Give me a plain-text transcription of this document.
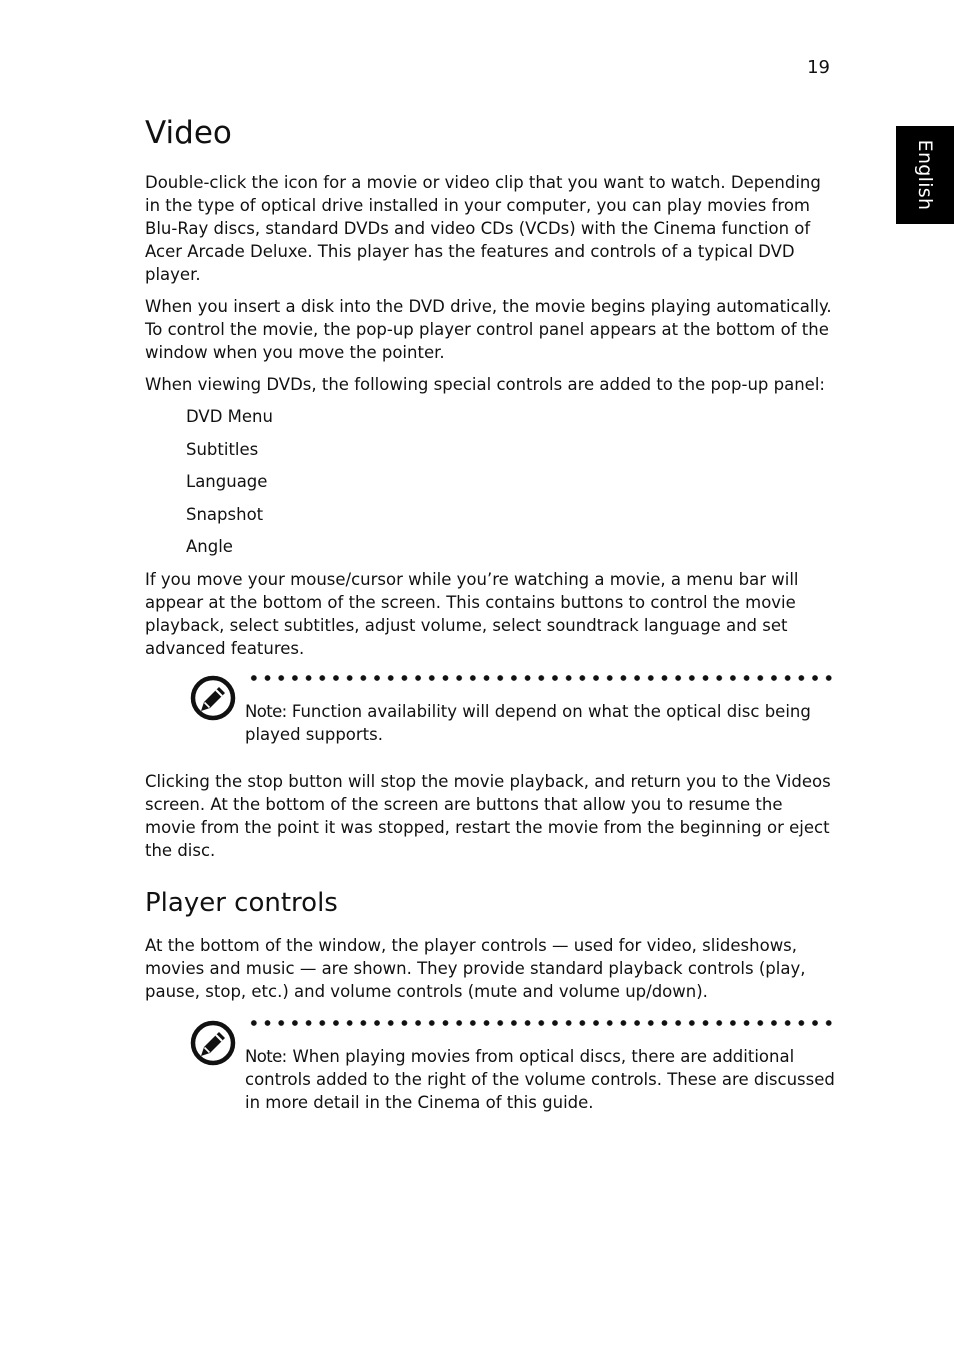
19
English
Video

Double-click the icon for a movie or video clip that you want to watch. Depending in the type of optical drive installed in your computer, you can play movies from Blu-Ray discs, standard DVDs and video CDs (VCDs) with the Cinema function of Acer Arcade Deluxe. This player has the features and controls of a typical DVD player.

When you insert a disk into the DVD drive, the movie begins playing automatically. To control the movie, the pop-up player control panel appears at the bottom of the window when you move the pointer.

When viewing DVDs, the following special controls are added to the pop-up panel:

DVD Menu
Subtitles
Language
Snapshot
Angle

If you move your mouse/cursor while you’re watching a movie, a menu bar will appear at the bottom of the screen. This contains buttons to control the movie playback, select subtitles, adjust volume, select soundtrack language and set advanced features.

Note: Function availability will depend on what the optical disc being played supports.

Clicking the stop button will stop the movie playback, and return you to the Videos screen. At the bottom of the screen are buttons that allow you to resume the movie from the point it was stopped, restart the movie from the beginning or eject the disc.

Player controls

At the bottom of the window, the player controls — used for video, slideshows, movies and music — are shown. They provide standard playback controls (play, pause, stop, etc.) and volume controls (mute and volume up/down).

Note: When playing movies from optical discs, there are additional controls added to the right of the volume controls. These are discussed in more detail in the Cinema of this guide.
